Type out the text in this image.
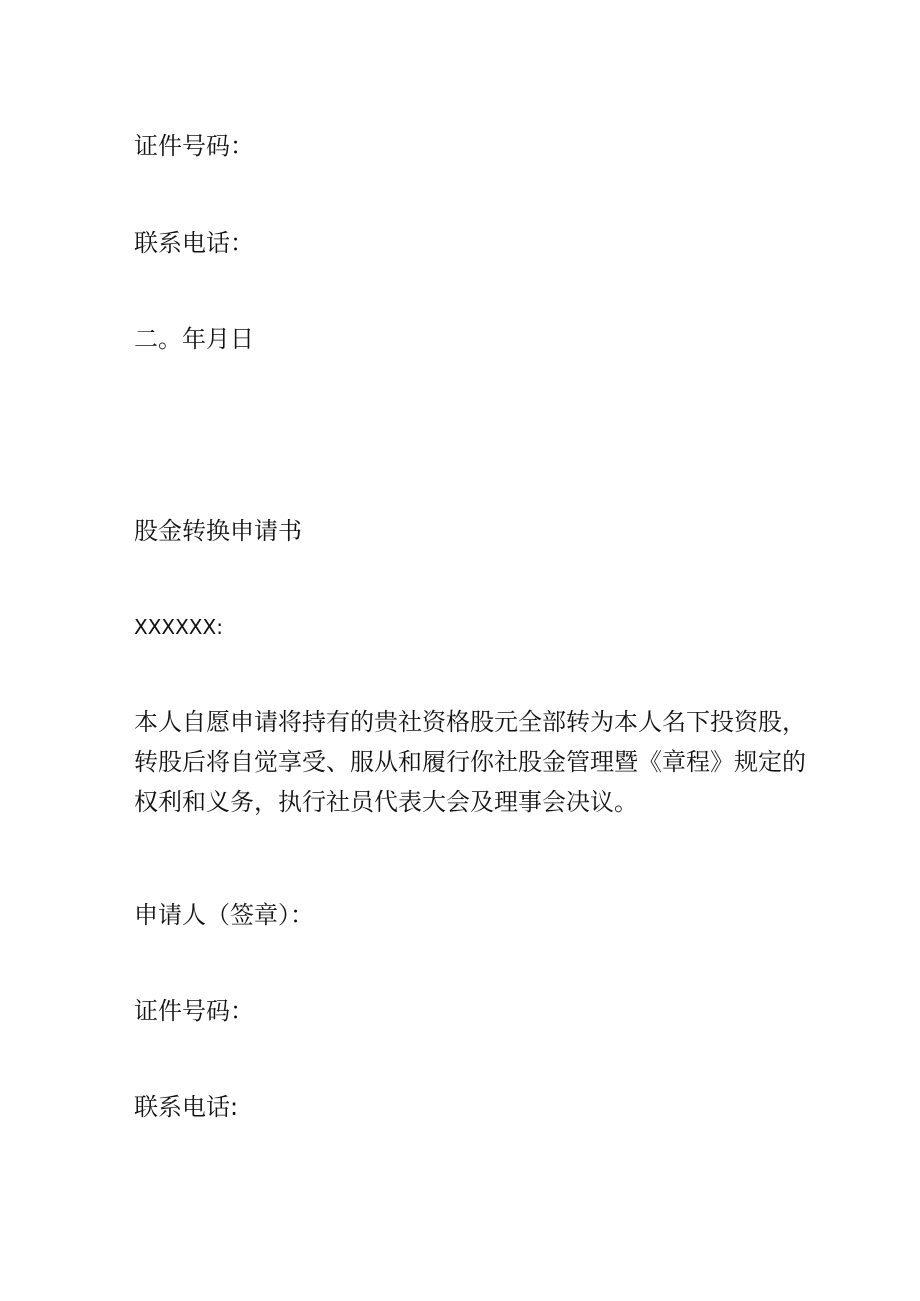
证件号码：

联系电话：

二。年月日

股金转换申请书

XXXXXX:

本人自愿申请将持有的贵社资格股元全部转为本人名下投资股，
转股后将自觉享受、服从和履行你社股金管理暨《章程》规定的
权利和义务，执行社员代表大会及理事会决议。

申请人（签章）：

证件号码：

联系电话:
